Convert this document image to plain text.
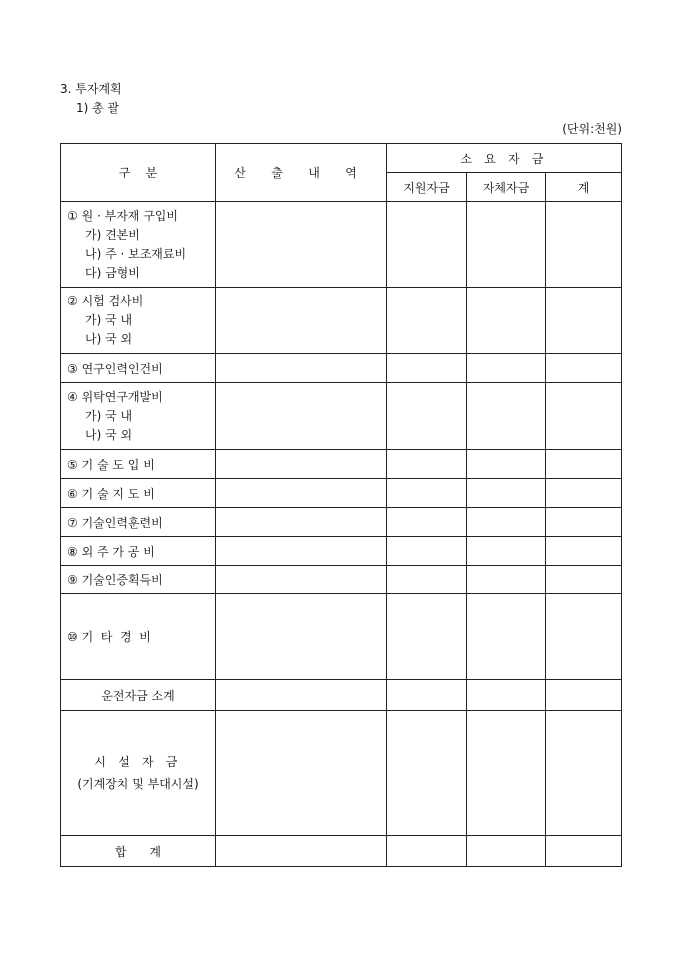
3. 투자계획
1) 총 괄
(단위:천원)
구    분	산 출 내 역	소 요 자 금		
		지원자금	자체자금	계

① 원 · 부자재 구입비
가) 견본비
나) 주 · 보조재료비
다) 금형비				

② 시험 검사비
가) 국 내
나) 국 외				

③ 연구인력인건비				

④ 위탁연구개발비
가) 국 내
나) 국 외				

⑤ 기 술 도 입 비				
⑥ 기 술 지 도 비				
⑦ 기술인력훈련비				
⑧ 외 주 가 공 비				
⑨ 기술인증획득비				
⑩ 기  타  경  비				
운전자금 소계				

시 설 자 금
(기계장치 및 부대시설)				

합      계				
